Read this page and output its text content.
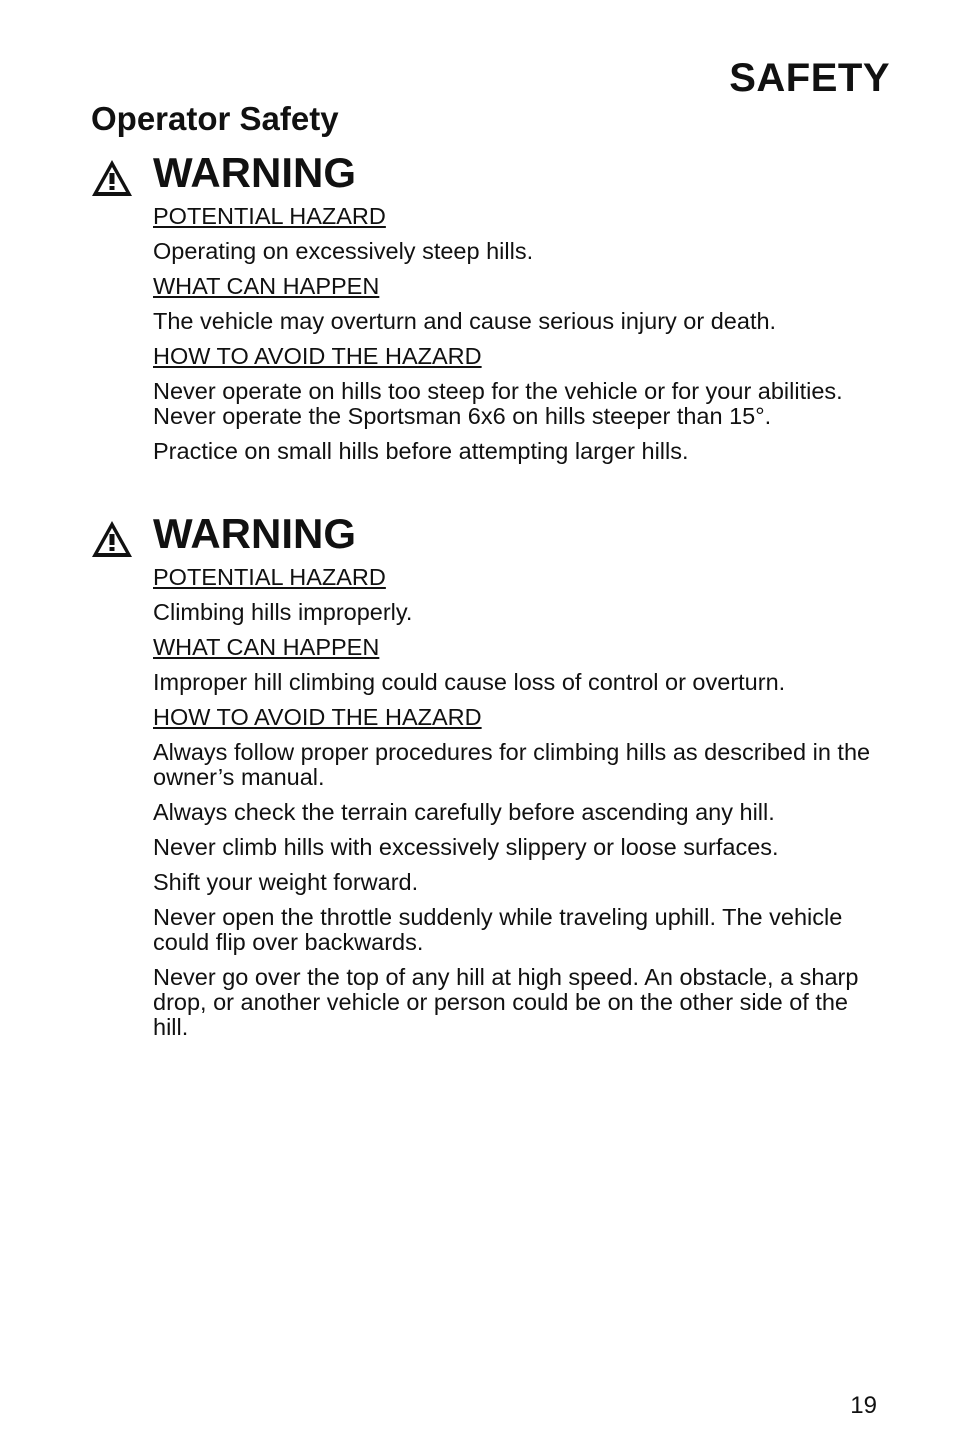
SAFETY
Operator Safety
WARNING

POTENTIAL HAZARD

Operating on excessively steep hills.

WHAT CAN HAPPEN

The vehicle may overturn and cause serious injury or death.

HOW TO AVOID THE HAZARD

Never operate on hills too steep for the vehicle or for your abilities. Never operate the Sportsman 6x6 on hills steeper than 15°.

Practice on small hills before attempting larger hills.

WARNING

POTENTIAL HAZARD

Climbing hills improperly.

WHAT CAN HAPPEN

Improper hill climbing could cause loss of control or overturn.

HOW TO AVOID THE HAZARD

Always follow proper procedures for climbing hills as described in the owner’s manual.

Always check the terrain carefully before ascending any hill.

Never climb hills with excessively slippery or loose surfaces.

Shift your weight forward.

Never open the throttle suddenly while traveling uphill. The vehicle could flip over backwards.

Never go over the top of any hill at high speed. An obstacle, a sharp drop, or another vehicle or person could be on the other side of the hill.

19
